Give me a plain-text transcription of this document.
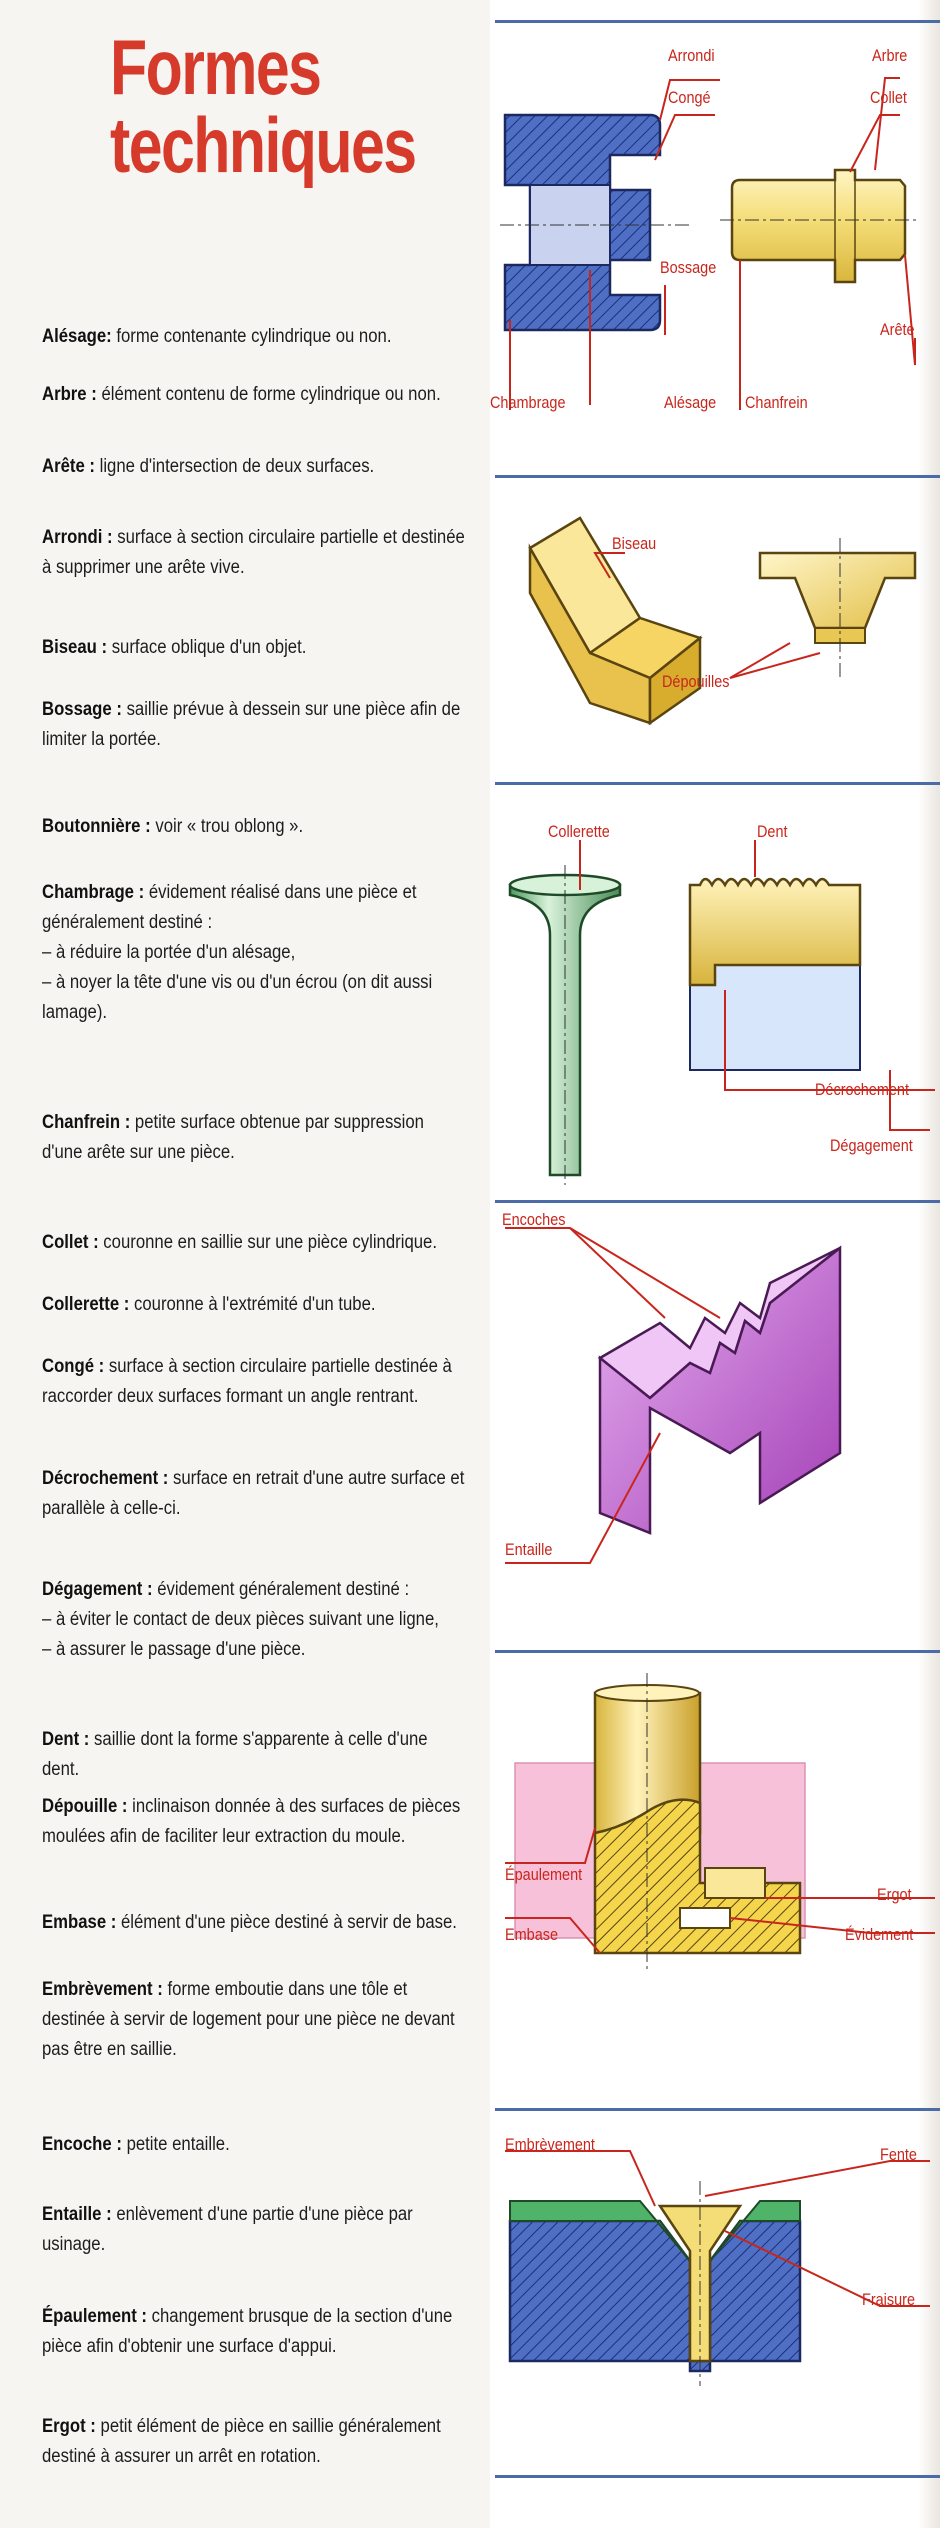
Formes
techniques
Alésage: forme contenante cylindrique ou non.
Arbre : élément contenu de forme cylindrique ou non.
Arête : ligne d'intersection de deux surfaces.
Arrondi : surface à section circulaire partielle et destinée à supprimer une arête vive.
Biseau : surface oblique d'un objet.
Bossage : saillie prévue à dessein sur une pièce afin de limiter la portée.
Boutonnière : voir « trou oblong ».
Chambrage : évidement réalisé dans une pièce et généralement destiné :
– à réduire la portée d'un alésage,
– à noyer la tête d'une vis ou d'un écrou (on dit aussi lamage).
Chanfrein : petite surface obtenue par suppression d'une arête sur une pièce.
Collet : couronne en saillie sur une pièce cylindrique.
Collerette : couronne à l'extrémité d'un tube.
Congé : surface à section circulaire partielle destinée à raccorder deux surfaces formant un angle rentrant.
Décrochement : surface en retrait d'une autre surface et parallèle à celle-ci.
Dégagement : évidement généralement destiné :
– à éviter le contact de deux pièces suivant une ligne,
– à assurer le passage d'une pièce.
Dent : saillie dont la forme s'apparente à celle d'une dent.
Dépouille : inclinaison donnée à des surfaces de pièces moulées afin de faciliter leur extraction du moule.
Embase : élément d'une pièce destiné à servir de base.
Embrèvement : forme emboutie dans une tôle et destinée à servir de logement pour une pièce ne devant pas être en saillie.
Encoche : petite entaille.
Entaille : enlèvement d'une partie d'une pièce par usinage.
Épaulement : changement brusque de la section d'une pièce afin d'obtenir une surface d'appui.
Ergot : petit élément de pièce en saillie généralement destiné à assurer un arrêt en rotation.
Arrondi
Congé
Arbre
Collet
Bossage
Arête
Chambrage	Alésage Chanfrein
Biseau
Dépouilles
Collerette	Dent
Décrochement
Dégagement
Encoches
Entaille
Épaulement
Ergot
Embase	Évidement
Embrèvement
Fente
Fraisure
